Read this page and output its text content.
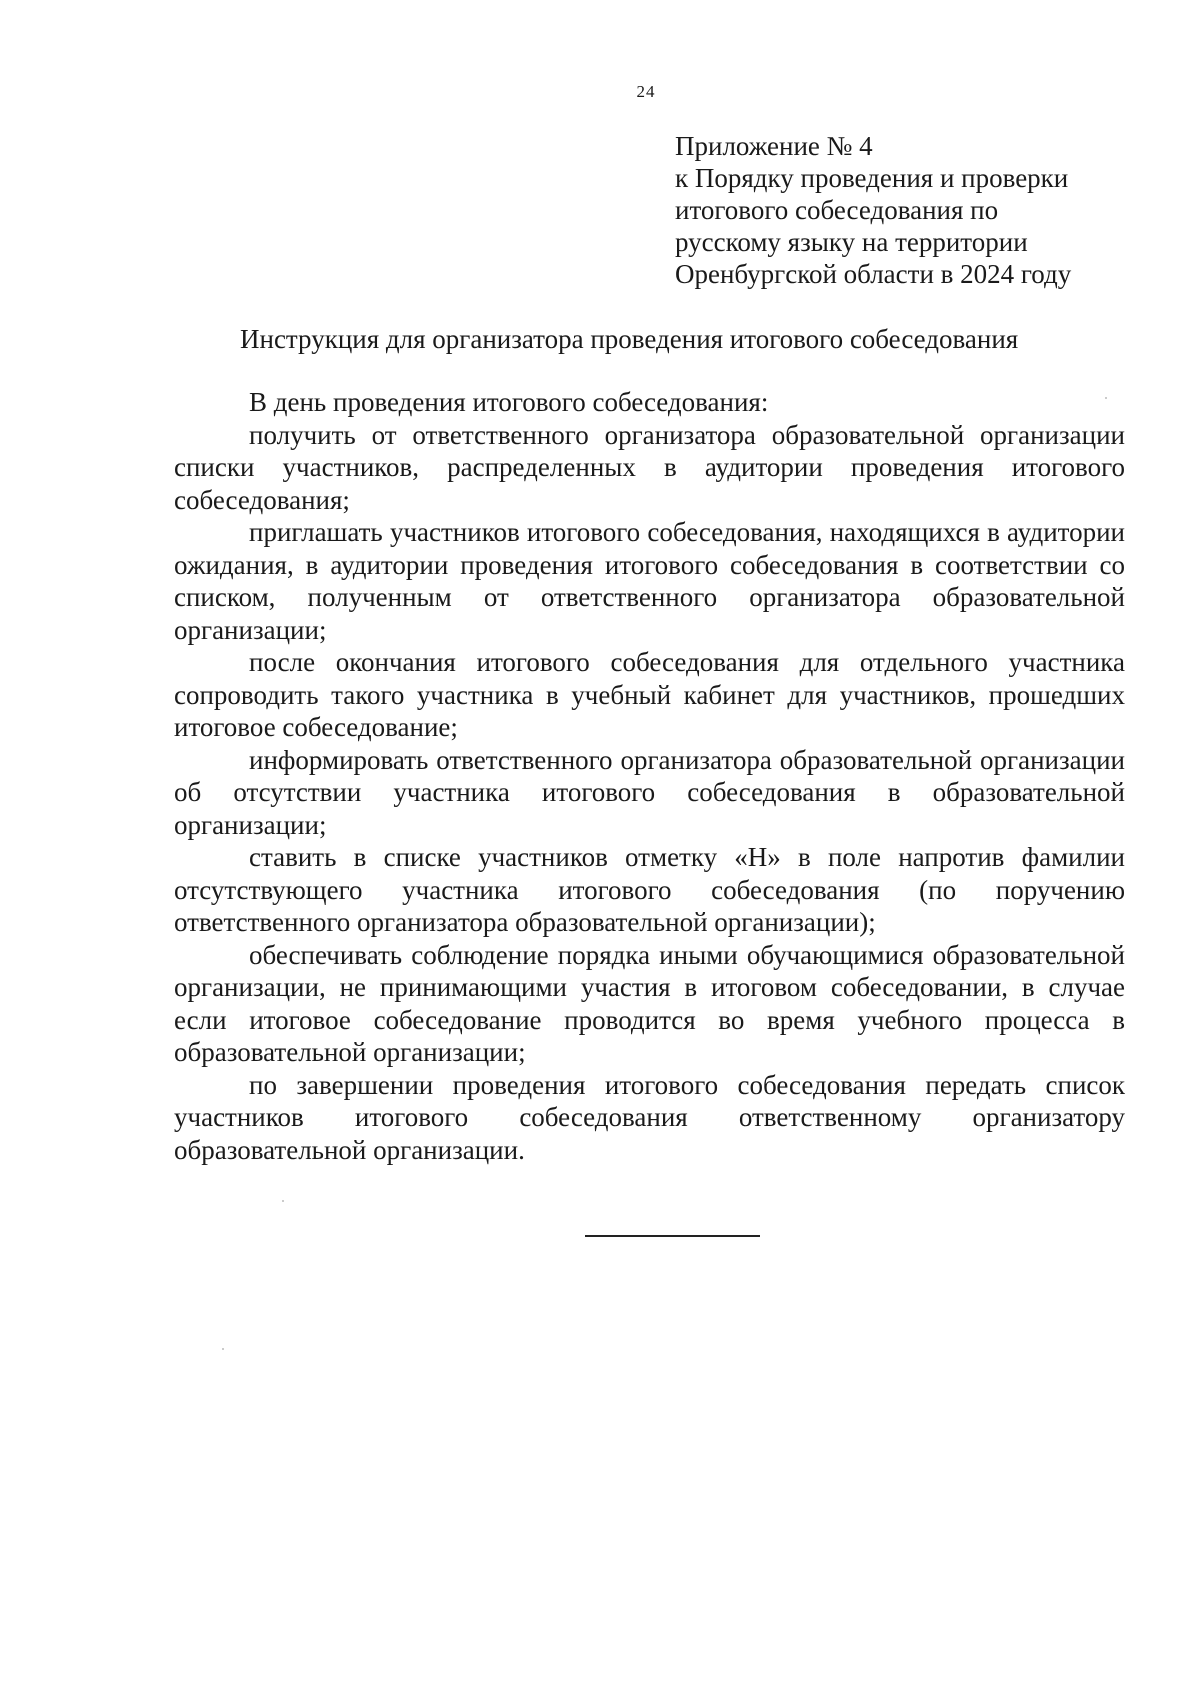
24
Приложение № 4
к Порядку проведения и проверки
итогового собеседования по
русскому языку на территории
Оренбургской области в 2024 году
Инструкция для организатора проведения итогового собеседования

В день проведения итогового собеседования:

получить от ответственного организатора образовательной организации списки участников, распределенных в аудитории проведения итогового собеседования;

приглашать участников итогового собеседования, находящихся в аудитории ожидания, в аудитории проведения итогового собеседования в соответствии со списком, полученным от ответственного организатора образовательной организации;

после окончания итогового собеседования для отдельного участника сопроводить такого участника в учебный кабинет для участников, прошедших итоговое собеседование;

информировать ответственного организатора образовательной организации об отсутствии участника итогового собеседования в образовательной организации;

ставить в списке участников отметку «Н» в поле напротив фамилии отсутствующего участника итогового собеседования (по поручению ответственного организатора образовательной организации);

обеспечивать соблюдение порядка иными обучающимися образовательной организации, не принимающими участия в итоговом собеседовании, в случае если итоговое собеседование проводится во время учебного процесса в образовательной организации;

по завершении проведения итогового собеседования передать список участников итогового собеседования ответственному организатору образовательной организации.
